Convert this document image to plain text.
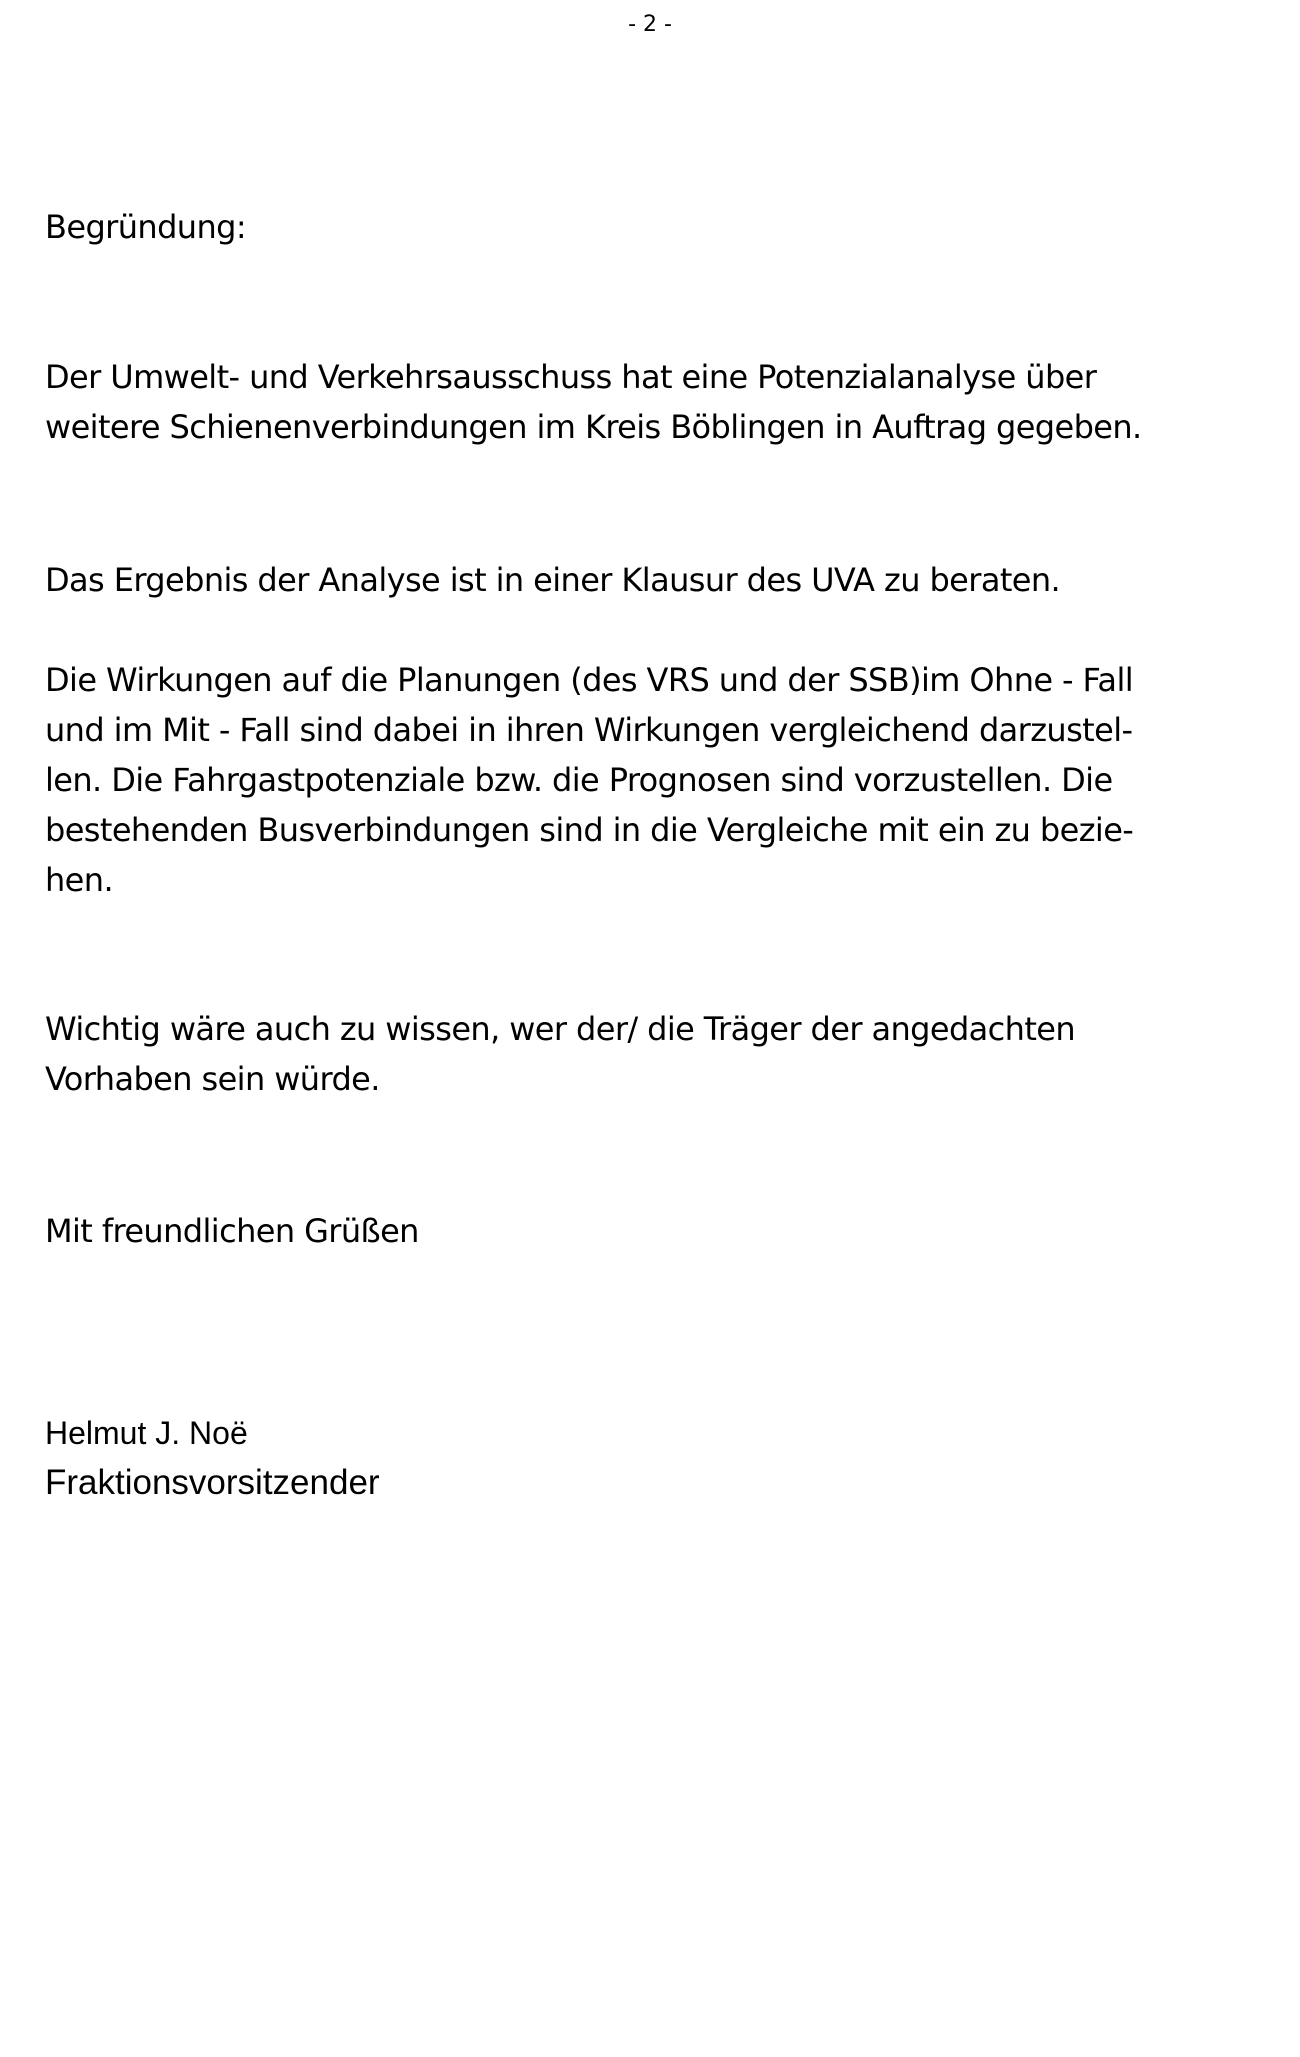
- 2 -
Begründung:
Der Umwelt- und Verkehrsausschuss hat eine Potenzialanalyse über
weitere Schienenverbindungen im Kreis Böblingen in Auftrag gegeben.
Das Ergebnis der Analyse ist in einer Klausur des UVA zu beraten.
Die Wirkungen auf die Planungen (des VRS und der SSB)im Ohne - Fall
und im Mit - Fall sind dabei in ihren Wirkungen vergleichend darzustel-
len. Die Fahrgastpotenziale bzw. die Prognosen sind vorzustellen. Die
bestehenden Busverbindungen sind in die Vergleiche mit ein zu bezie-
hen.
Wichtig wäre auch zu wissen, wer der/ die Träger der angedachten
Vorhaben sein würde.
Mit freundlichen Grüßen
Helmut J. Noë
Fraktionsvorsitzender
